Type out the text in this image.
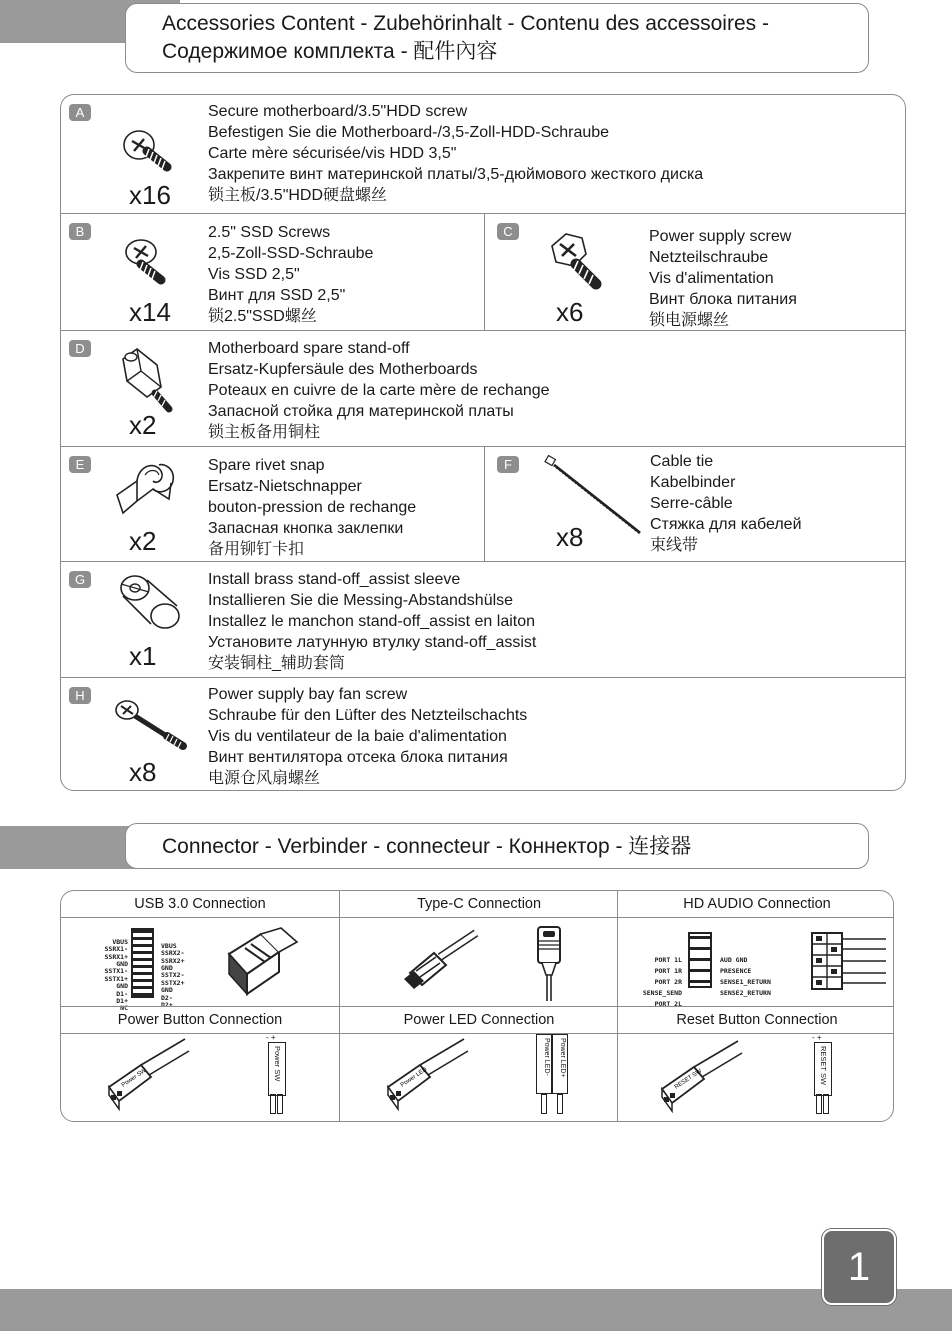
Accessories Content - Zubehörinhalt - Contenu des accessoires -
Содержимое комплекта - 配件內容
A
x16
Secure motherboard/3.5"HDD screw
Befestigen Sie die Motherboard-/3,5-Zoll-HDD-Schraube
Carte mère sécurisée/vis HDD 3,5"
Закрепите винт материнской платы/3,5-дюймового жесткого диска
锁主板/3.5"HDD硬盘螺丝
B
x14
2.5" SSD Screws
2,5-Zoll-SSD-Schraube
Vis SSD 2,5"
Винт для SSD 2,5"
锁2.5"SSD螺丝
C
x6
Power supply screw
Netzteilschraube
Vis d'alimentation
Винт блока питания
锁电源螺丝
D
x2
Motherboard spare stand-off
Ersatz-Kupfersäule des Motherboards
Poteaux en cuivre de la carte mère de rechange
Запасной стойка для материнской платы
锁主板备用铜柱
E
x2
Spare rivet snap
Ersatz-Nietschnapper
bouton-pression de rechange
Запасная кнопка заклепки
备用铆钉卡扣
F
x8
Cable tie
Kabelbinder
Serre-câble
Стяжка для кабелей
束线带
G
x1
Install brass stand-off_assist sleeve
Installieren Sie die Messing-Abstandshülse
Installez le manchon stand-off_assist en laiton
Установите латунную втулку stand-off_assist
安装铜柱_辅助套筒
H
x8
Power supply bay fan screw
Schraube für den Lüfter des Netzteilschachts
Vis du ventilateur de la baie d'alimentation
Винт вентилятора отсека блока питания
电源仓风扇螺丝
Connector - Verbinder - connecteur - Коннектор - 连接器
USB 3.0 Connection

VBUS
SSRX1-
SSRX1+
GND
SSTX1-
SSTX1+
GND
D1-
D1+
NC

VBUS
SSRX2-
SSRX2+
GND
SSTX2-
SSTX2+
GND
D2-
D2+

Power Button Connection
Power SW
- +
Power SW
Type-C Connection
Power LED Connection
Power LED
Power LED-	Power LED+
HD AUDIO Connection

PORT 1L
PORT 1R
PORT 2R
SENSE_SEND
PORT 2L

AUD GND
PRESENCE
SENSE1_RETURN
SENSE2_RETURN

Reset Button Connection
RESET SW
- +
RESET SW
1
